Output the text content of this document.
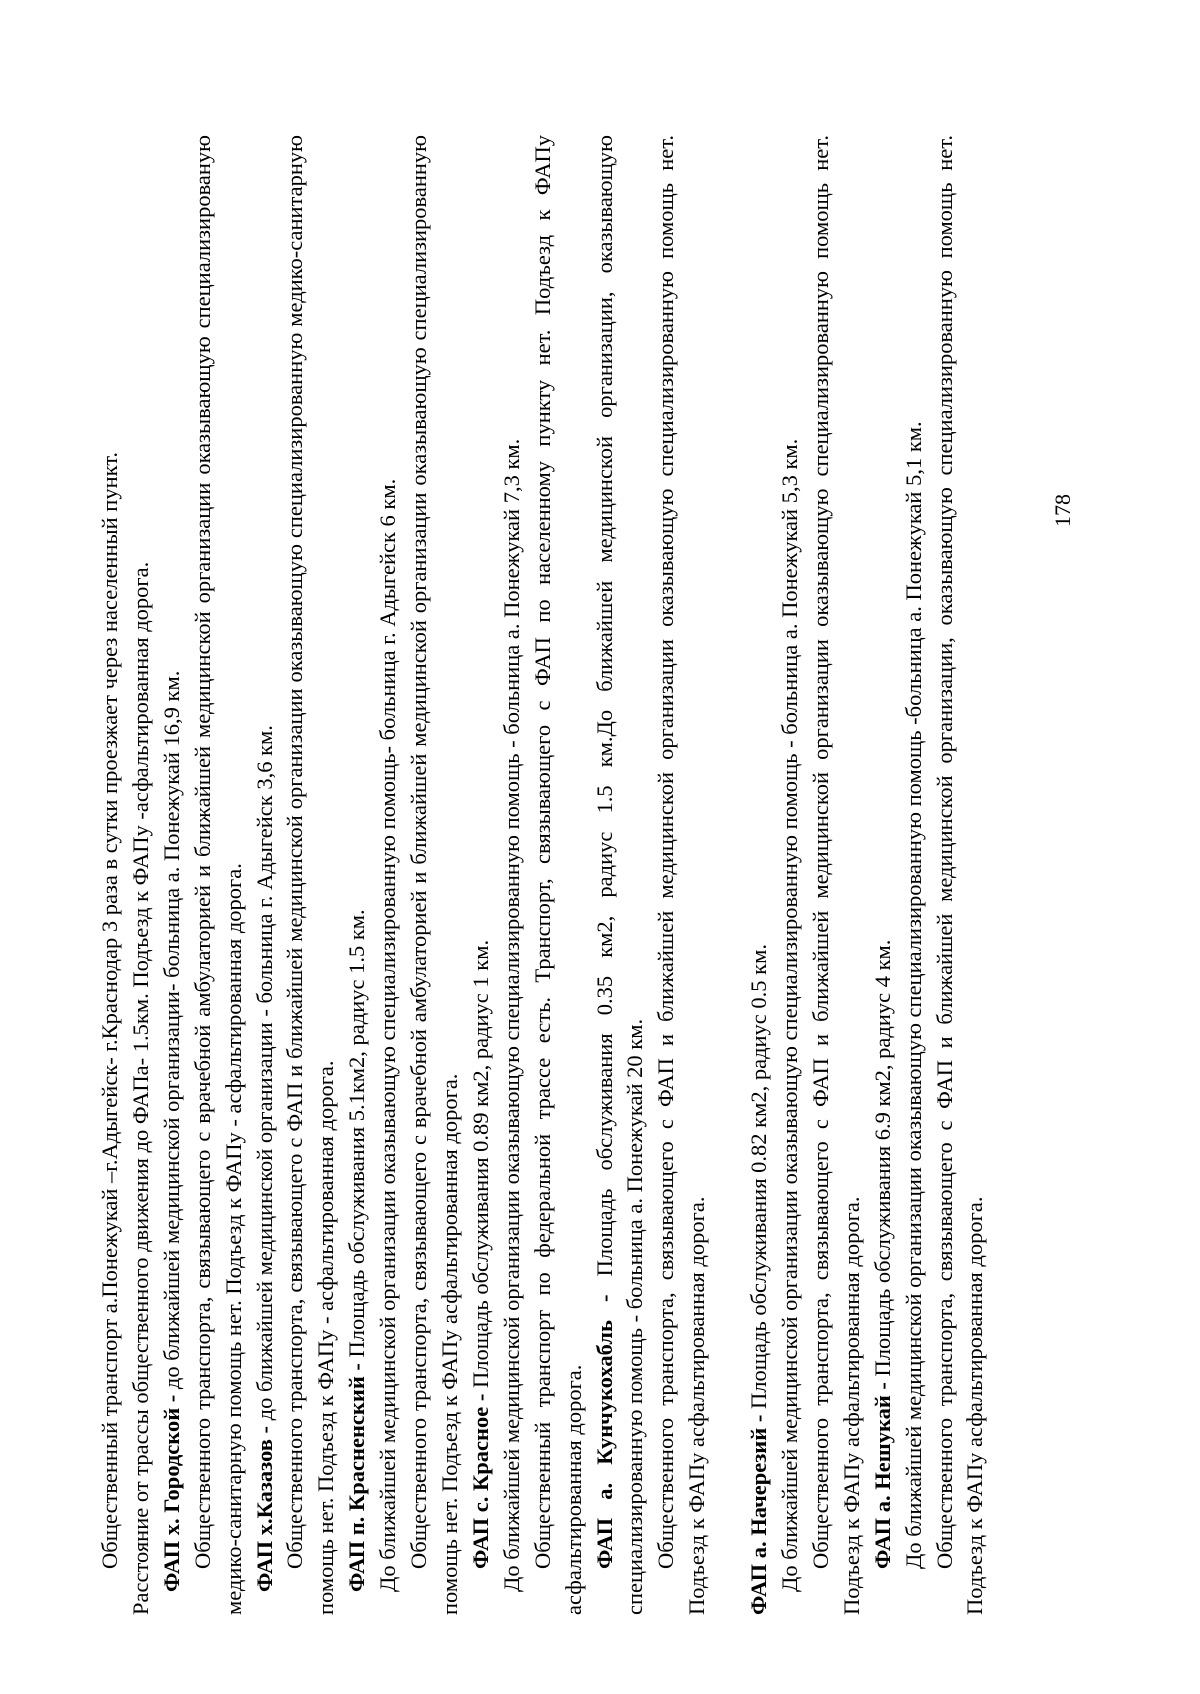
Общественный транспорт а.Понежукай –г.Адыгейск- г.Краснодар 3 раза в сутки проезжает через населенный пункт. Расстояние от трассы общественного движения до ФАПа- 1.5км. Подъезд к ФАПу -асфальтированная дорога. ФАП х. Городской - до ближайшей медицинской организации- больница а. Понежукай 16,9 км. Общественного транспорта, связывающего с врачебной амбулаторией и ближайшей медицинской организации оказывающую специализированую медико-санитарную помощь нет. Подъезд к ФАПу - асфальтированная дорога. ФАП х.Казазов - до ближайшей медицинской организации - больница г. Адыгейск 3,6 км. Общественного транспорта, связывающего с ФАП и ближайшей медицинской организации оказывающую специализированную медико-санитарную помощь нет. Подъезд к ФАПу - асфальтированная дорога. ФАП п. Красненский - Площадь обслуживания 5.1км2, радиус 1.5 км. До ближайшей медицинской организации оказывающую специализированную помощь- больница г. Адыгейск 6 км. Общественного транспорта, связывающего с врачебной амбулаторией и ближайшей медицинской организации оказывающую специализированную помощь нет. Подъезд к ФАПу асфальтированная дорога. ФАП с. Красное - Площадь обслуживания 0.89 км2, радиус 1 км. До ближайшей медицинской организации оказывающую специализированную помощь - больница а. Понежукай 7,3 км. Общественный транспорт по федеральной трассе есть. Транспорт, связывающего с ФАП по населенному пункту нет. Подъезд к ФАПу асфальтированная дорога. ФАП а. Кунчукохабль - Площадь обслуживания 0.35 км2, радиус 1.5 км.До ближайшей медицинской организации, оказывающую специализированную помощь - больница а. Понежукай 20 км. Общественного транспорта, связывающего с ФАП и ближайшей медицинской организации оказывающую специализированную помощь нет. Подъезд к ФАПу асфальтированная дорога. ФАП а. Начерезий - Площадь обслуживания 0.82 км2, радиус 0.5 км. До ближайшей медицинской организации оказывающую специализированную помощь - больница а. Понежукай 5,3 км. Общественного транспорта, связывающего с ФАП и ближайшей медицинской организации оказывающую специализированную помощь нет. Подъезд к ФАПу асфальтированная дорога. ФАП а. Нешукай - Площадь обслуживания 6.9 км2, радиус 4 км. До ближайшей медицинской организации оказывающую специализированную помощь -больница а. Понежукай 5,1 км. Общественного транспорта, связывающего с ФАП и ближайшей медицинской организации, оказывающую специализированную помощь нет. Подъезд к ФАПу асфальтированная дорога.

178
